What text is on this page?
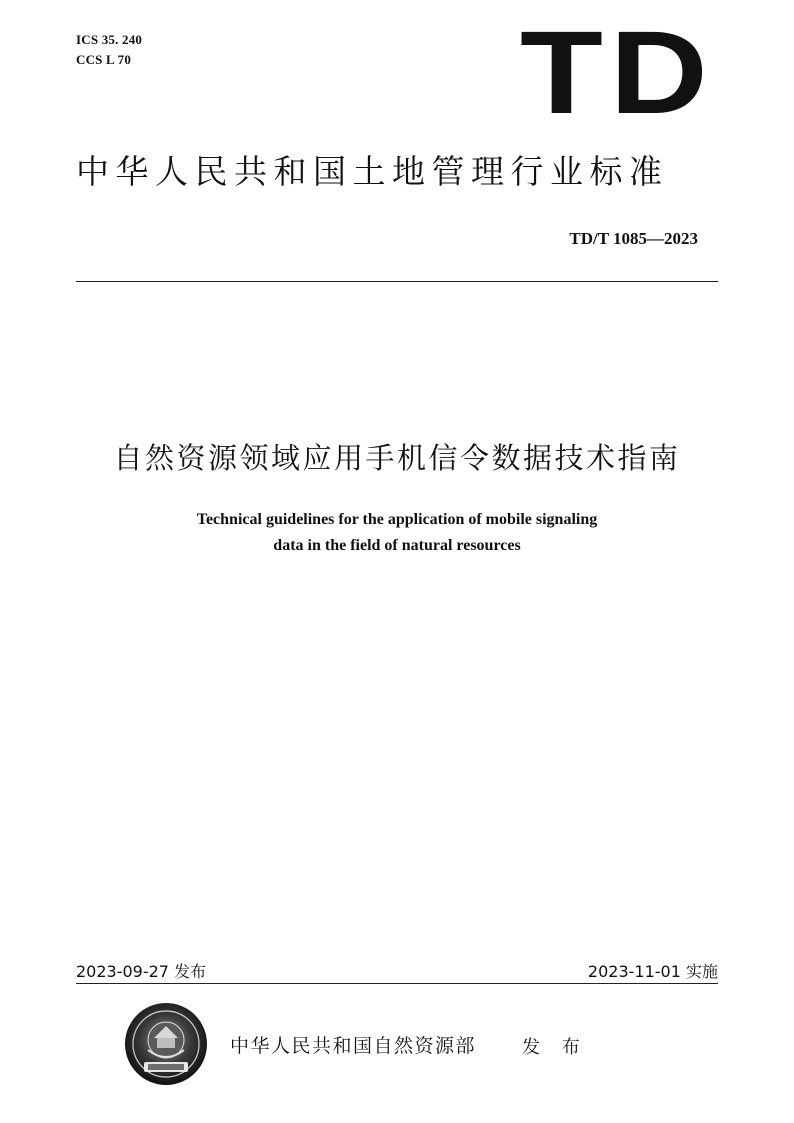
ICS 35. 240
CCS L 70	TD
中华人民共和国土地管理行业标准
TD/T 1085—2023
自然资源领域应用手机信令数据技术指南
Technical guidelines for the application of mobile signaling
data in the field of natural resources
2023-09-27 发布	2023-11-01 实施
中华人民共和国自然资源部	发 布
